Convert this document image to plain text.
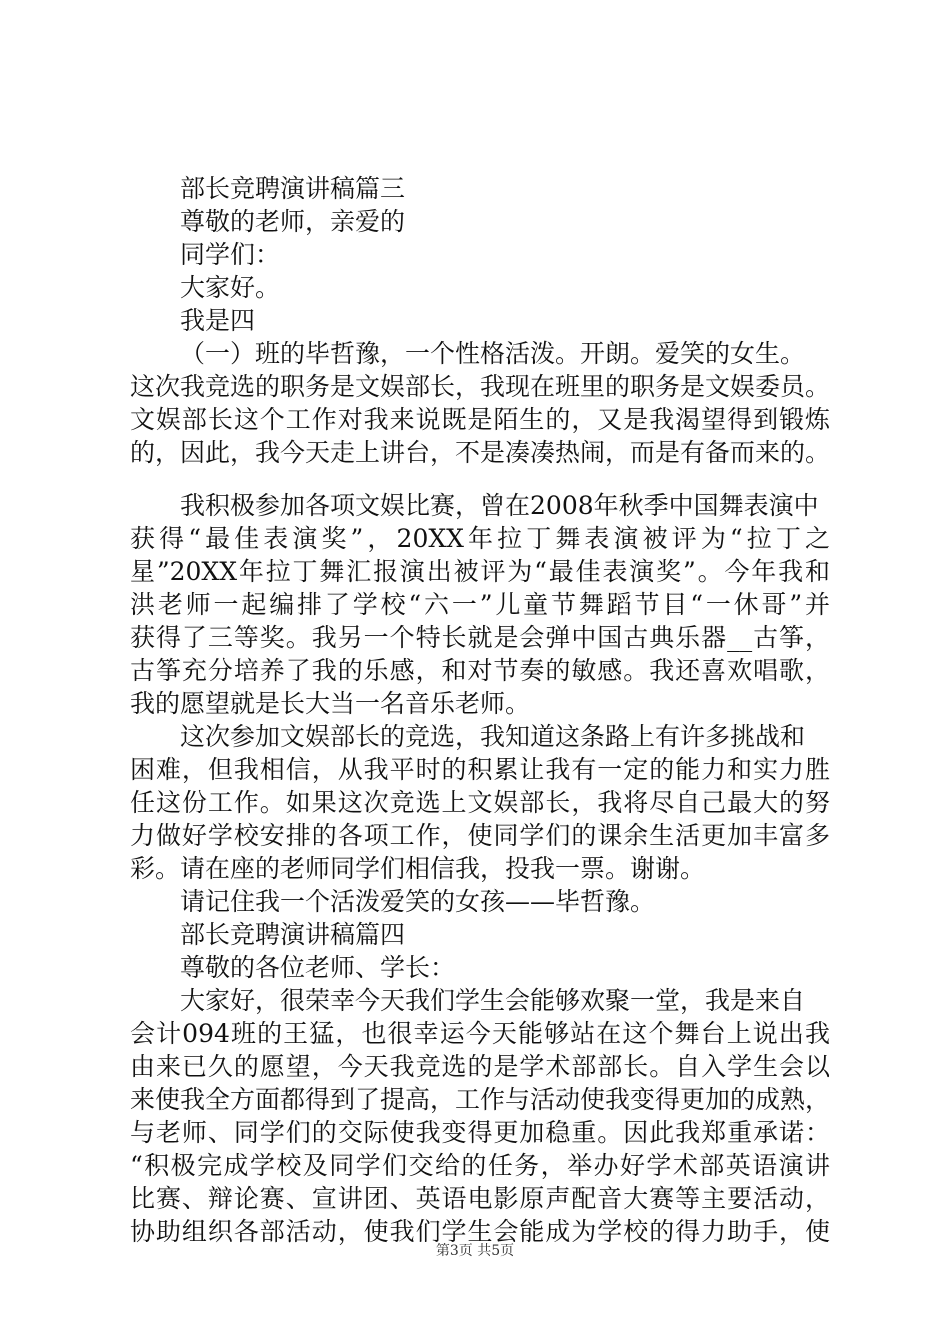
部长竞聘演讲稿篇三
尊敬的老师，亲爱的
同学们：
大家好。
我是四
（一）班的毕哲豫，一个性格活泼。开朗。爱笑的女生。
这次我竞选的职务是文娱部长，我现在班里的职务是文娱委员。
文娱部长这个工作对我来说既是陌生的，又是我渴望得到锻炼
的，因此，我今天走上讲台，不是凑凑热闹，而是有备而来的。
我积极参加各项文娱比赛，曾在2008年秋季中国舞表演中
获得“最佳表演奖”，20XX年拉丁舞表演被评为“拉丁之
星”20XX年拉丁舞汇报演出被评为“最佳表演奖”。今年我和
洪老师一起编排了学校“六一”儿童节舞蹈节目“一休哥”并
获得了三等奖。我另一个特长就是会弹中国古典乐器__古筝，
古筝充分培养了我的乐感，和对节奏的敏感。我还喜欢唱歌，
我的愿望就是长大当一名音乐老师。
这次参加文娱部长的竞选，我知道这条路上有许多挑战和
困难，但我相信，从我平时的积累让我有一定的能力和实力胜
任这份工作。如果这次竞选上文娱部长，我将尽自己最大的努
力做好学校安排的各项工作，使同学们的课余生活更加丰富多
彩。请在座的老师同学们相信我，投我一票。谢谢。
请记住我一个活泼爱笑的女孩——毕哲豫。
部长竞聘演讲稿篇四
尊敬的各位老师、学长：
大家好，很荣幸今天我们学生会能够欢聚一堂，我是来自
会计094班的王猛，也很幸运今天能够站在这个舞台上说出我
由来已久的愿望，今天我竞选的是学术部部长。自入学生会以
来使我全方面都得到了提高，工作与活动使我变得更加的成熟，
与老师、同学们的交际使我变得更加稳重。因此我郑重承诺：
“积极完成学校及同学们交给的任务，举办好学术部英语演讲
比赛、辩论赛、宣讲团、英语电影原声配音大赛等主要活动，
协助组织各部活动，使我们学生会能成为学校的得力助手，使
第3页 共5页
